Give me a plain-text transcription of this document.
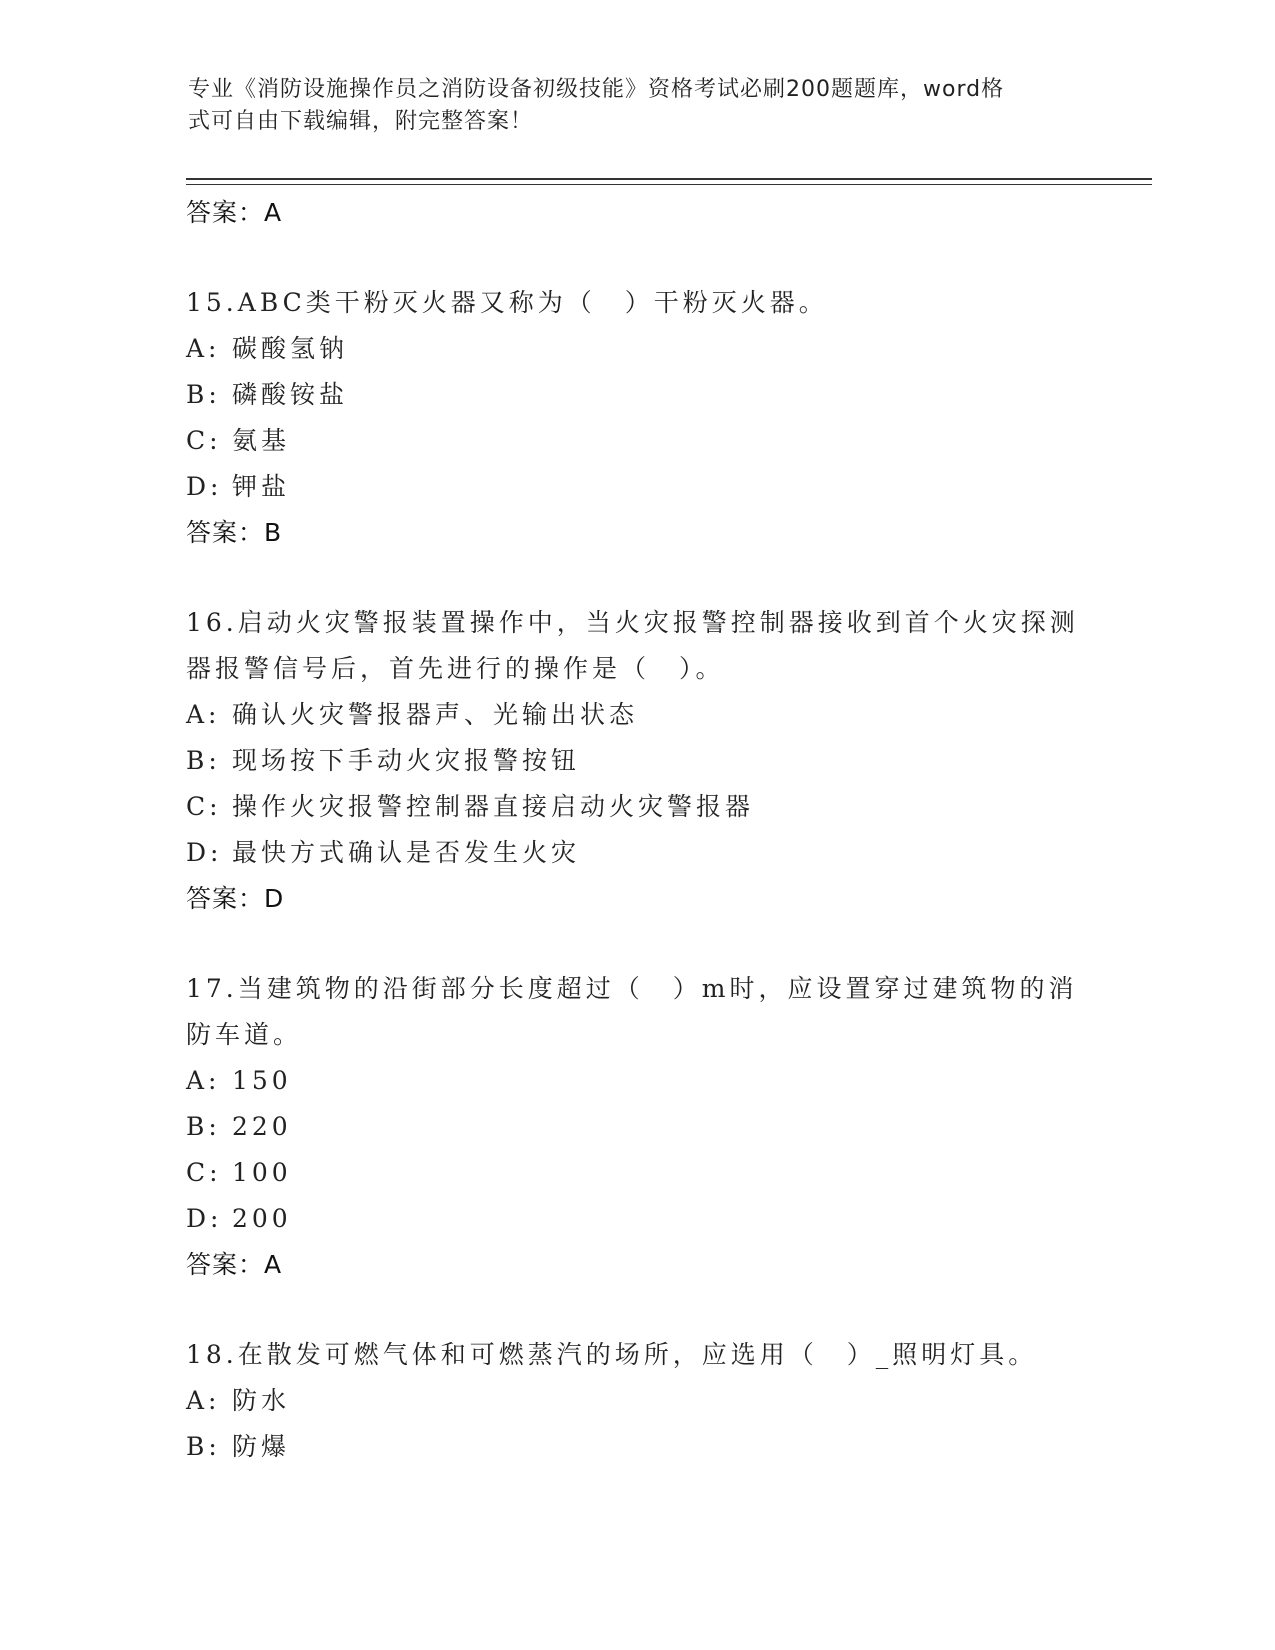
专业《消防设施操作员之消防设备初级技能》资格考试必刷200题题库，word格
式可自由下载编辑，附完整答案！
答案：A
15.ABC类干粉灭火器又称为（　）干粉灭火器。
A: 碳酸氢钠
B: 磷酸铵盐
C: 氨基
D: 钾盐
答案：B
16.启动火灾警报装置操作中，当火灾报警控制器接收到首个火灾探测
器报警信号后，首先进行的操作是（　）。
A: 确认火灾警报器声、光输出状态
B: 现场按下手动火灾报警按钮
C: 操作火灾报警控制器直接启动火灾警报器
D: 最快方式确认是否发生火灾
答案：D
17.当建筑物的沿街部分长度超过（　）m时，应设置穿过建筑物的消
防车道。
A: 150
B: 220
C: 100
D: 200
答案：A
18.在散发可燃气体和可燃蒸汽的场所，应选用（　）_照明灯具。
A: 防水
B: 防爆
